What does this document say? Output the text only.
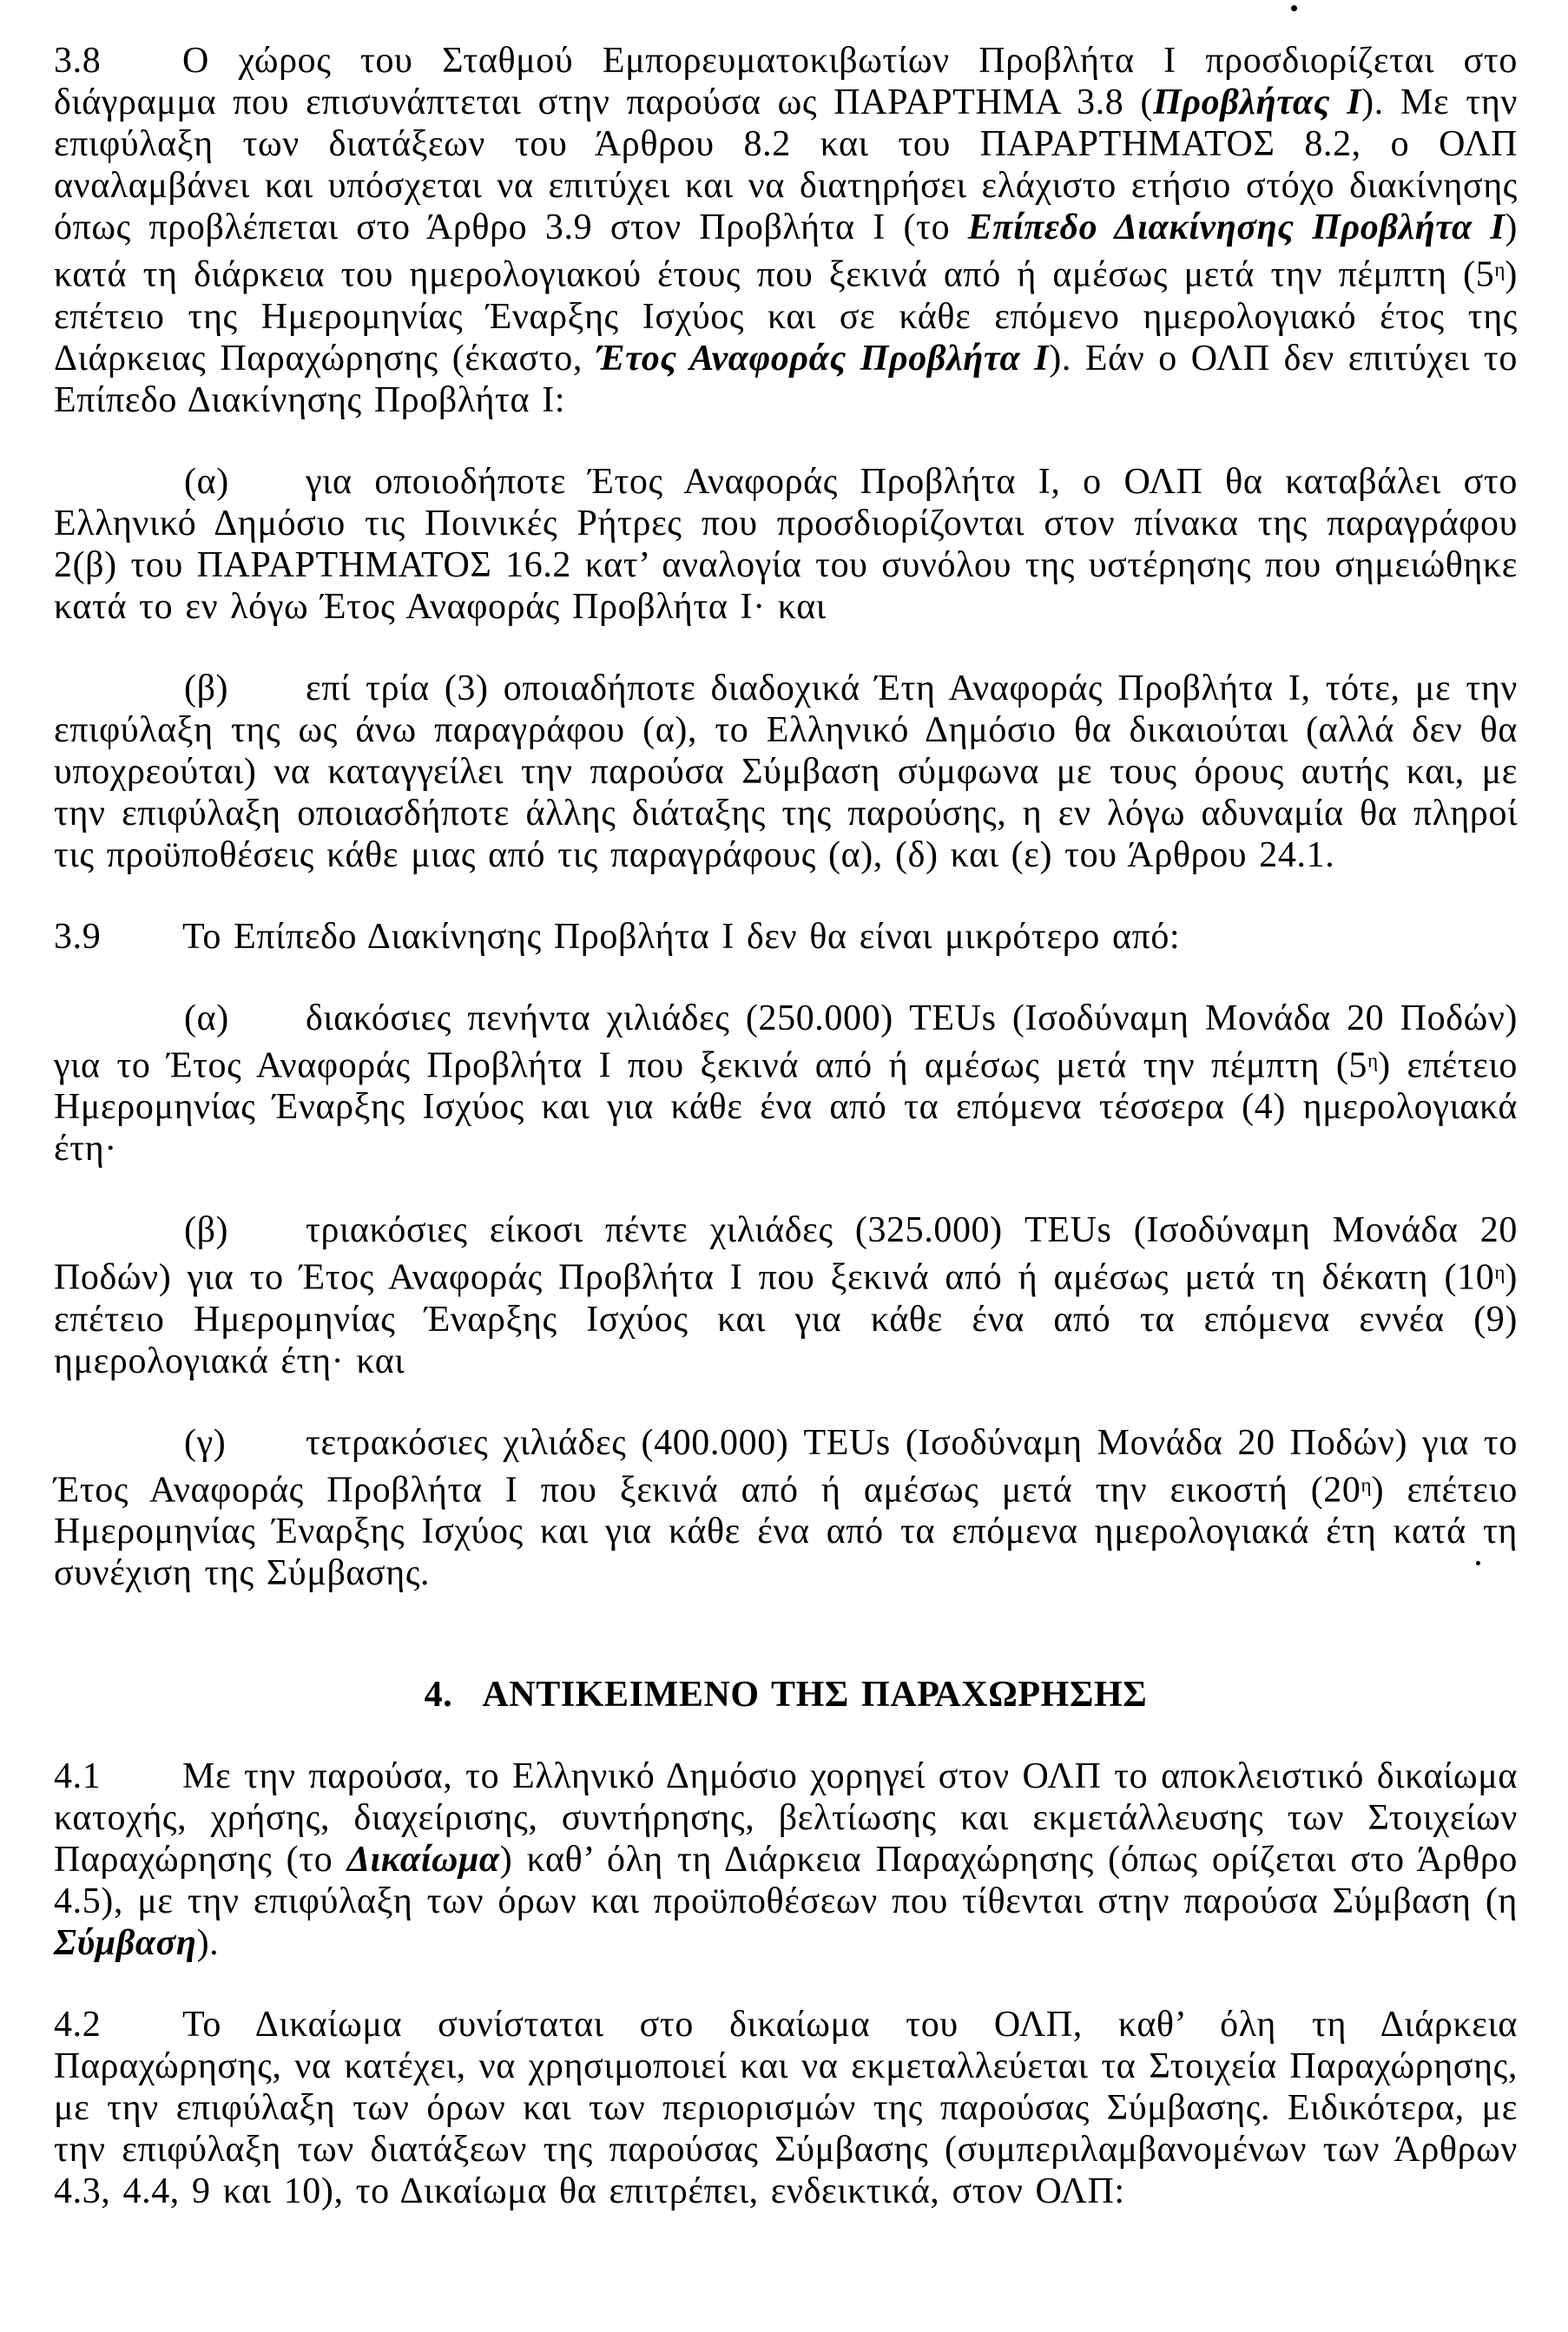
3.8 Ο χώρος του Σταθμού Εμπορευματοκιβωτίων Προβλήτα Ι προσδιορίζεται στο διάγραμμα που επισυνάπτεται στην παρούσα ως ΠΑΡΑΡΤΗΜΑ 3.8 (Προβλήτας Ι). Με την επιφύλαξη των διατάξεων του Άρθρου 8.2 και του ΠΑΡΑΡΤΗΜΑΤΟΣ 8.2, ο ΟΛΠ αναλαμβάνει και υπόσχεται να επιτύχει και να διατηρήσει ελάχιστο ετήσιο στόχο διακίνησης όπως προβλέπεται στο Άρθρο 3.9 στον Προβλήτα Ι (το Επίπεδο Διακίνησης Προβλήτα Ι) κατά τη διάρκεια του ημερολογιακού έτους που ξεκινά από ή αμέσως μετά την πέμπτη $(5^\eta)$ επέτειο της Ημερομηνίας Έναρξης Ισχύος και σε κάθε επόμενο ημερολογιακό έτος της Διάρκειας Παραχώρησης (έκαστο, Έτος Αναφοράς Προβλήτα Ι). Εάν ο ΟΛΠ δεν επιτύχει το Επίπεδο Διακίνησης Προβλήτα Ι:

(α) για οποιοδήποτε Έτος Αναφοράς Προβλήτα Ι, ο ΟΛΠ θα καταβάλει στο Ελληνικό Δημόσιο τις Ποινικές Ρήτρες που προσδιορίζονται στον πίνακα της παραγράφου 2(β) του ΠΑΡΑΡΤΗΜΑΤΟΣ 16.2 κατ’ αναλογία του συνόλου της υστέρησης που σημειώθηκε κατά το εν λόγω Έτος Αναφοράς Προβλήτα Ι· και

(β) επί τρία (3) οποιαδήποτε διαδοχικά Έτη Αναφοράς Προβλήτα Ι, τότε, με την επιφύλαξη της ως άνω παραγράφου (α), το Ελληνικό Δημόσιο θα δικαιούται (αλλά δεν θα υποχρεούται) να καταγγείλει την παρούσα Σύμβαση σύμφωνα με τους όρους αυτής και, με την επιφύλαξη οποιασδήποτε άλλης διάταξης της παρούσης, η εν λόγω αδυναμία θα πληροί τις προϋποθέσεις κάθε μιας από τις παραγράφους (α), (δ) και (ε) του Άρθρου 24.1.

3.9 Το Επίπεδο Διακίνησης Προβλήτα Ι δεν θα είναι μικρότερο από:

(α) διακόσιες πενήντα χιλιάδες (250.000) TEUs (Ισοδύναμη Μονάδα 20 Ποδών) για το Έτος Αναφοράς Προβλήτα Ι που ξεκινά από ή αμέσως μετά την πέμπτη $(5^\eta)$ επέτειο Ημερομηνίας Έναρξης Ισχύος και για κάθε ένα από τα επόμενα τέσσερα (4) ημερολογιακά έτη·

(β) τριακόσιες είκοσι πέντε χιλιάδες (325.000) TEUs (Ισοδύναμη Μονάδα 20 Ποδών) για το Έτος Αναφοράς Προβλήτα Ι που ξεκινά από ή αμέσως μετά τη δέκατη $(10^\eta)$ επέτειο Ημερομηνίας Έναρξης Ισχύος και για κάθε ένα από τα επόμενα εννέα (9) ημερολογιακά έτη· και

(γ) τετρακόσιες χιλιάδες (400.000) TEUs (Ισοδύναμη Μονάδα 20 Ποδών) για το Έτος Αναφοράς Προβλήτα Ι που ξεκινά από ή αμέσως μετά την εικοστή $(20^\eta)$ επέτειο Ημερομηνίας Έναρξης Ισχύος και για κάθε ένα από τα επόμενα ημερολογιακά έτη κατά τη συνέχιση της Σύμβασης.

4. ΑΝΤΙΚΕΙΜΕΝΟ ΤΗΣ ΠΑΡΑΧΩΡΗΣΗΣ

4.1 Με την παρούσα, το Ελληνικό Δημόσιο χορηγεί στον ΟΛΠ το αποκλειστικό δικαίωμα κατοχής, χρήσης, διαχείρισης, συντήρησης, βελτίωσης και εκμετάλλευσης των Στοιχείων Παραχώρησης (το Δικαίωμα) καθ’ όλη τη Διάρκεια Παραχώρησης (όπως ορίζεται στο Άρθρο 4.5), με την επιφύλαξη των όρων και προϋποθέσεων που τίθενται στην παρούσα Σύμβαση (η Σύμβαση).

4.2 Το Δικαίωμα συνίσταται στο δικαίωμα του ΟΛΠ, καθ’ όλη τη Διάρκεια Παραχώρησης, να κατέχει, να χρησιμοποιεί και να εκμεταλλεύεται τα Στοιχεία Παραχώρησης, με την επιφύλαξη των όρων και των περιορισμών της παρούσας Σύμβασης. Ειδικότερα, με την επιφύλαξη των διατάξεων της παρούσας Σύμβασης (συμπεριλαμβανομένων των Άρθρων 4.3, 4.4, 9 και 10), το Δικαίωμα θα επιτρέπει, ενδεικτικά, στον ΟΛΠ:
